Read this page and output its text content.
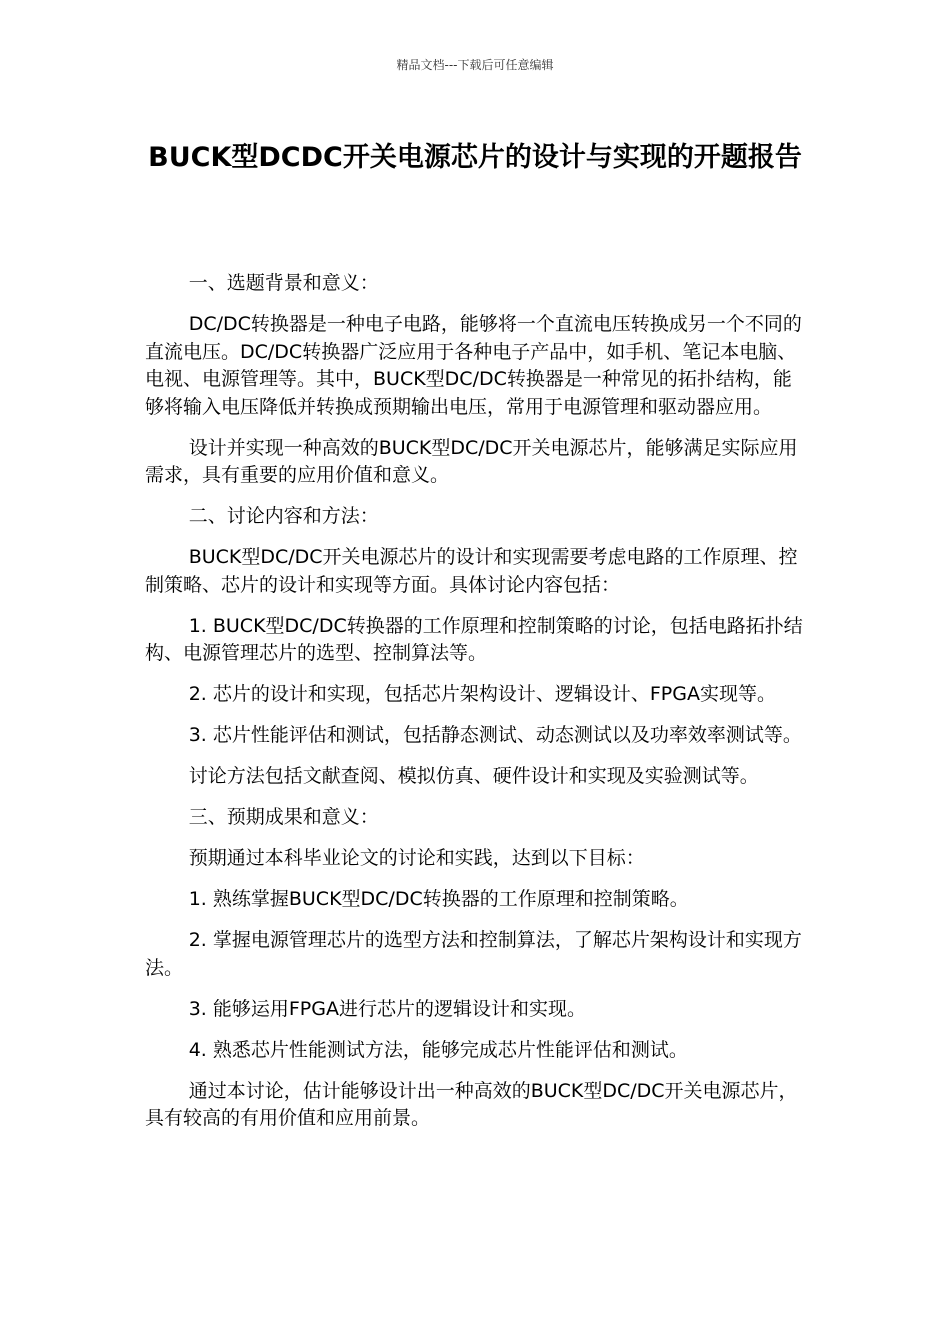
精品文档---下载后可任意编辑
BUCK型DCDC开关电源芯片的设计与实现的开题报告

一、选题背景和意义：

DC/DC转换器是一种电子电路，能够将一个直流电压转换成另一个不同的直流电压。DC/DC转换器广泛应用于各种电子产品中，如手机、笔记本电脑、电视、电源管理等。其中，BUCK型DC/DC转换器是一种常见的拓扑结构，能够将输入电压降低并转换成预期输出电压，常用于电源管理和驱动器应用。

设计并实现一种高效的BUCK型DC/DC开关电源芯片，能够满足实际应用需求，具有重要的应用价值和意义。

二、讨论内容和方法：

BUCK型DC/DC开关电源芯片的设计和实现需要考虑电路的工作原理、控制策略、芯片的设计和实现等方面。具体讨论内容包括：

1. BUCK型DC/DC转换器的工作原理和控制策略的讨论，包括电路拓扑结构、电源管理芯片的选型、控制算法等。

2. 芯片的设计和实现，包括芯片架构设计、逻辑设计、FPGA实现等。

3. 芯片性能评估和测试，包括静态测试、动态测试以及功率效率测试等。

讨论方法包括文献查阅、模拟仿真、硬件设计和实现及实验测试等。

三、预期成果和意义：

预期通过本科毕业论文的讨论和实践，达到以下目标：

1. 熟练掌握BUCK型DC/DC转换器的工作原理和控制策略。

2. 掌握电源管理芯片的选型方法和控制算法，了解芯片架构设计和实现方法。

3. 能够运用FPGA进行芯片的逻辑设计和实现。

4. 熟悉芯片性能测试方法，能够完成芯片性能评估和测试。

通过本讨论，估计能够设计出一种高效的BUCK型DC/DC开关电源芯片，具有较高的有用价值和应用前景。
